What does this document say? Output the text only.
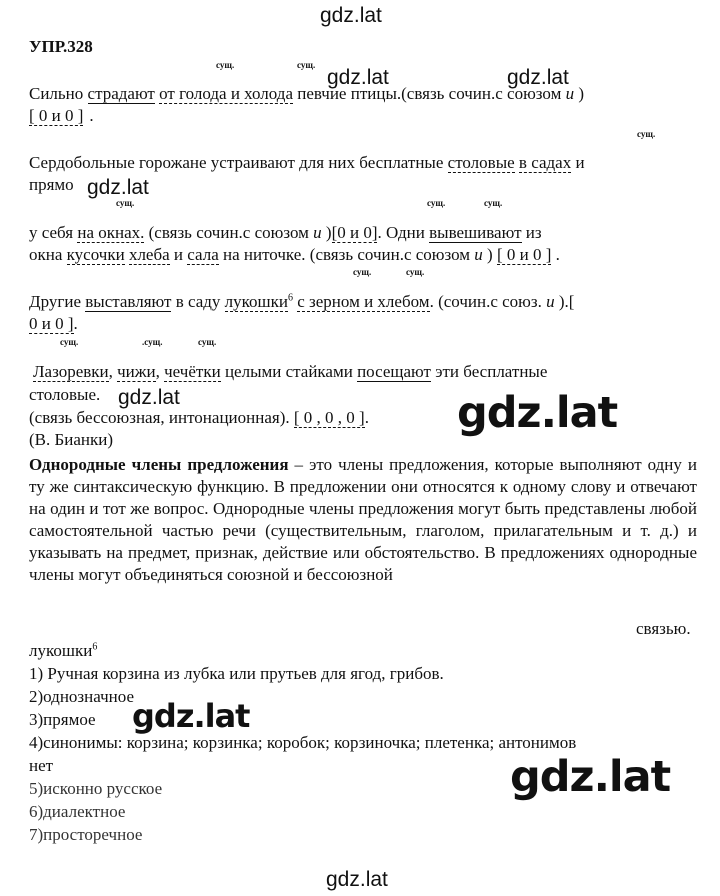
gdz.lat
gdz.lat	gdz.lat
gdz.lat
gdz.lat	gdz.lat
gdz.lat
gdz.lat
gdz.lat
УПР.328
сущ.	сущ.
Сильно страдают от голода и холода певчие птицы.(связь сочин.с союзом и )
[ 0 и 0 ] .
сущ.
Сердобольные горожане устраивают для них бесплатные столовые в садах и
прямо
сущ.	сущ.	сущ.
у себя на окнах. (связь сочин.с союзом и )[0 и 0]. Одни вывешивают из
окна кусочки хлеба и сала на ниточке. (связь сочин.с союзом и ) [ 0 и 0 ] .
сущ.	сущ.
Другие выставляют в саду лукошки$^6$ с зерном и хлебом. (сочин.с союз. и ).[
0 и 0 ].
сущ.	.сущ.	сущ.
Лазоревки, чижи, чечётки целыми стайками посещают эти бесплатные
столовые.
(связь бессоюзная, интонационная). [ 0 , 0 , 0 ].
(В. Бианки)
Однородные члены предложения – это члены предложения, которые выполняют одну и ту же синтаксическую функцию. В предложении они относятся к одному слову и отвечают на один и тот же вопрос. Однородные члены предложения могут быть представлены любой самостоятельной частью речи (существительным, глаголом, прилагательным и т. д.) и указывать на предмет, признак, действие или обстоятельство. В предложениях однородные члены могут объединяться союзной и бессоюзной
связью.
лукошки$^6$
1) Ручная корзина из лубка или прутьев для ягод, грибов.
2)однозначное
3)прямое
4)синонимы: корзина; корзинка; коробок; корзиночка; плетенка; антонимов
нет
5)исконно русское
6)диалектное
7)просторечное
